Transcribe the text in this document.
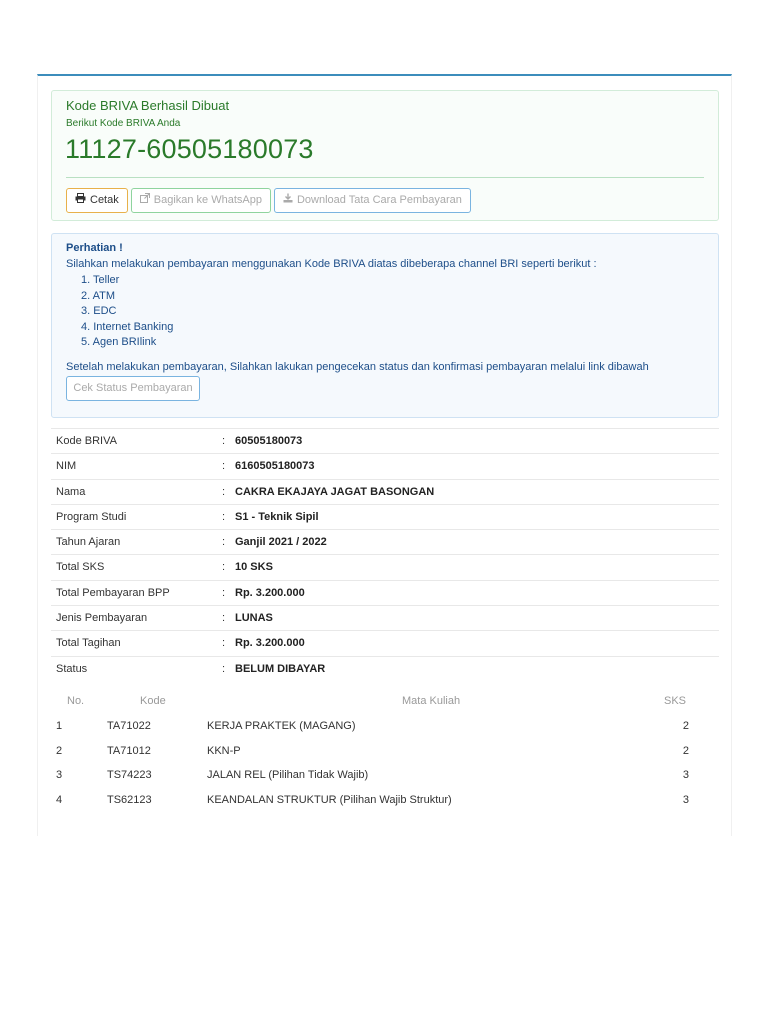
Kode BRIVA Berhasil Dibuat
Berikut Kode BRIVA Anda
11127-60505180073
Cetak	Bagikan ke WhatsApp	Download Tata Cara Pembayaran
Perhatian !
Silahkan melakukan pembayaran menggunakan Kode BRIVA diatas dibeberapa channel BRI seperti berikut :
1. Teller
2. ATM
3. EDC
4. Internet Banking
5. Agen BRIlink
Setelah melakukan pembayaran, Silahkan lakukan pengecekan status dan konfirmasi pembayaran melalui link dibawah
Cek Status Pembayaran
Kode BRIVA	: 60505180073
NIM	: 6160505180073
Nama	: CAKRA EKAJAYA JAGAT BASONGAN
Program Studi	: S1 - Teknik Sipil
Tahun Ajaran	: Ganjil 2021 / 2022
Total SKS	: 10 SKS
Total Pembayaran BPP	: Rp. 3.200.000
Jenis Pembayaran	: LUNAS
Total Tagihan	: Rp. 3.200.000
Status	: BELUM DIBAYAR
No.	Kode	Mata Kuliah	SKS
1	TA71022	KERJA PRAKTEK (MAGANG)	2
2	TA71012	KKN-P	2
3	TS74223	JALAN REL (Pilihan Tidak Wajib)	3
4	TS62123	KEANDALAN STRUKTUR (Pilihan Wajib Struktur)	3
